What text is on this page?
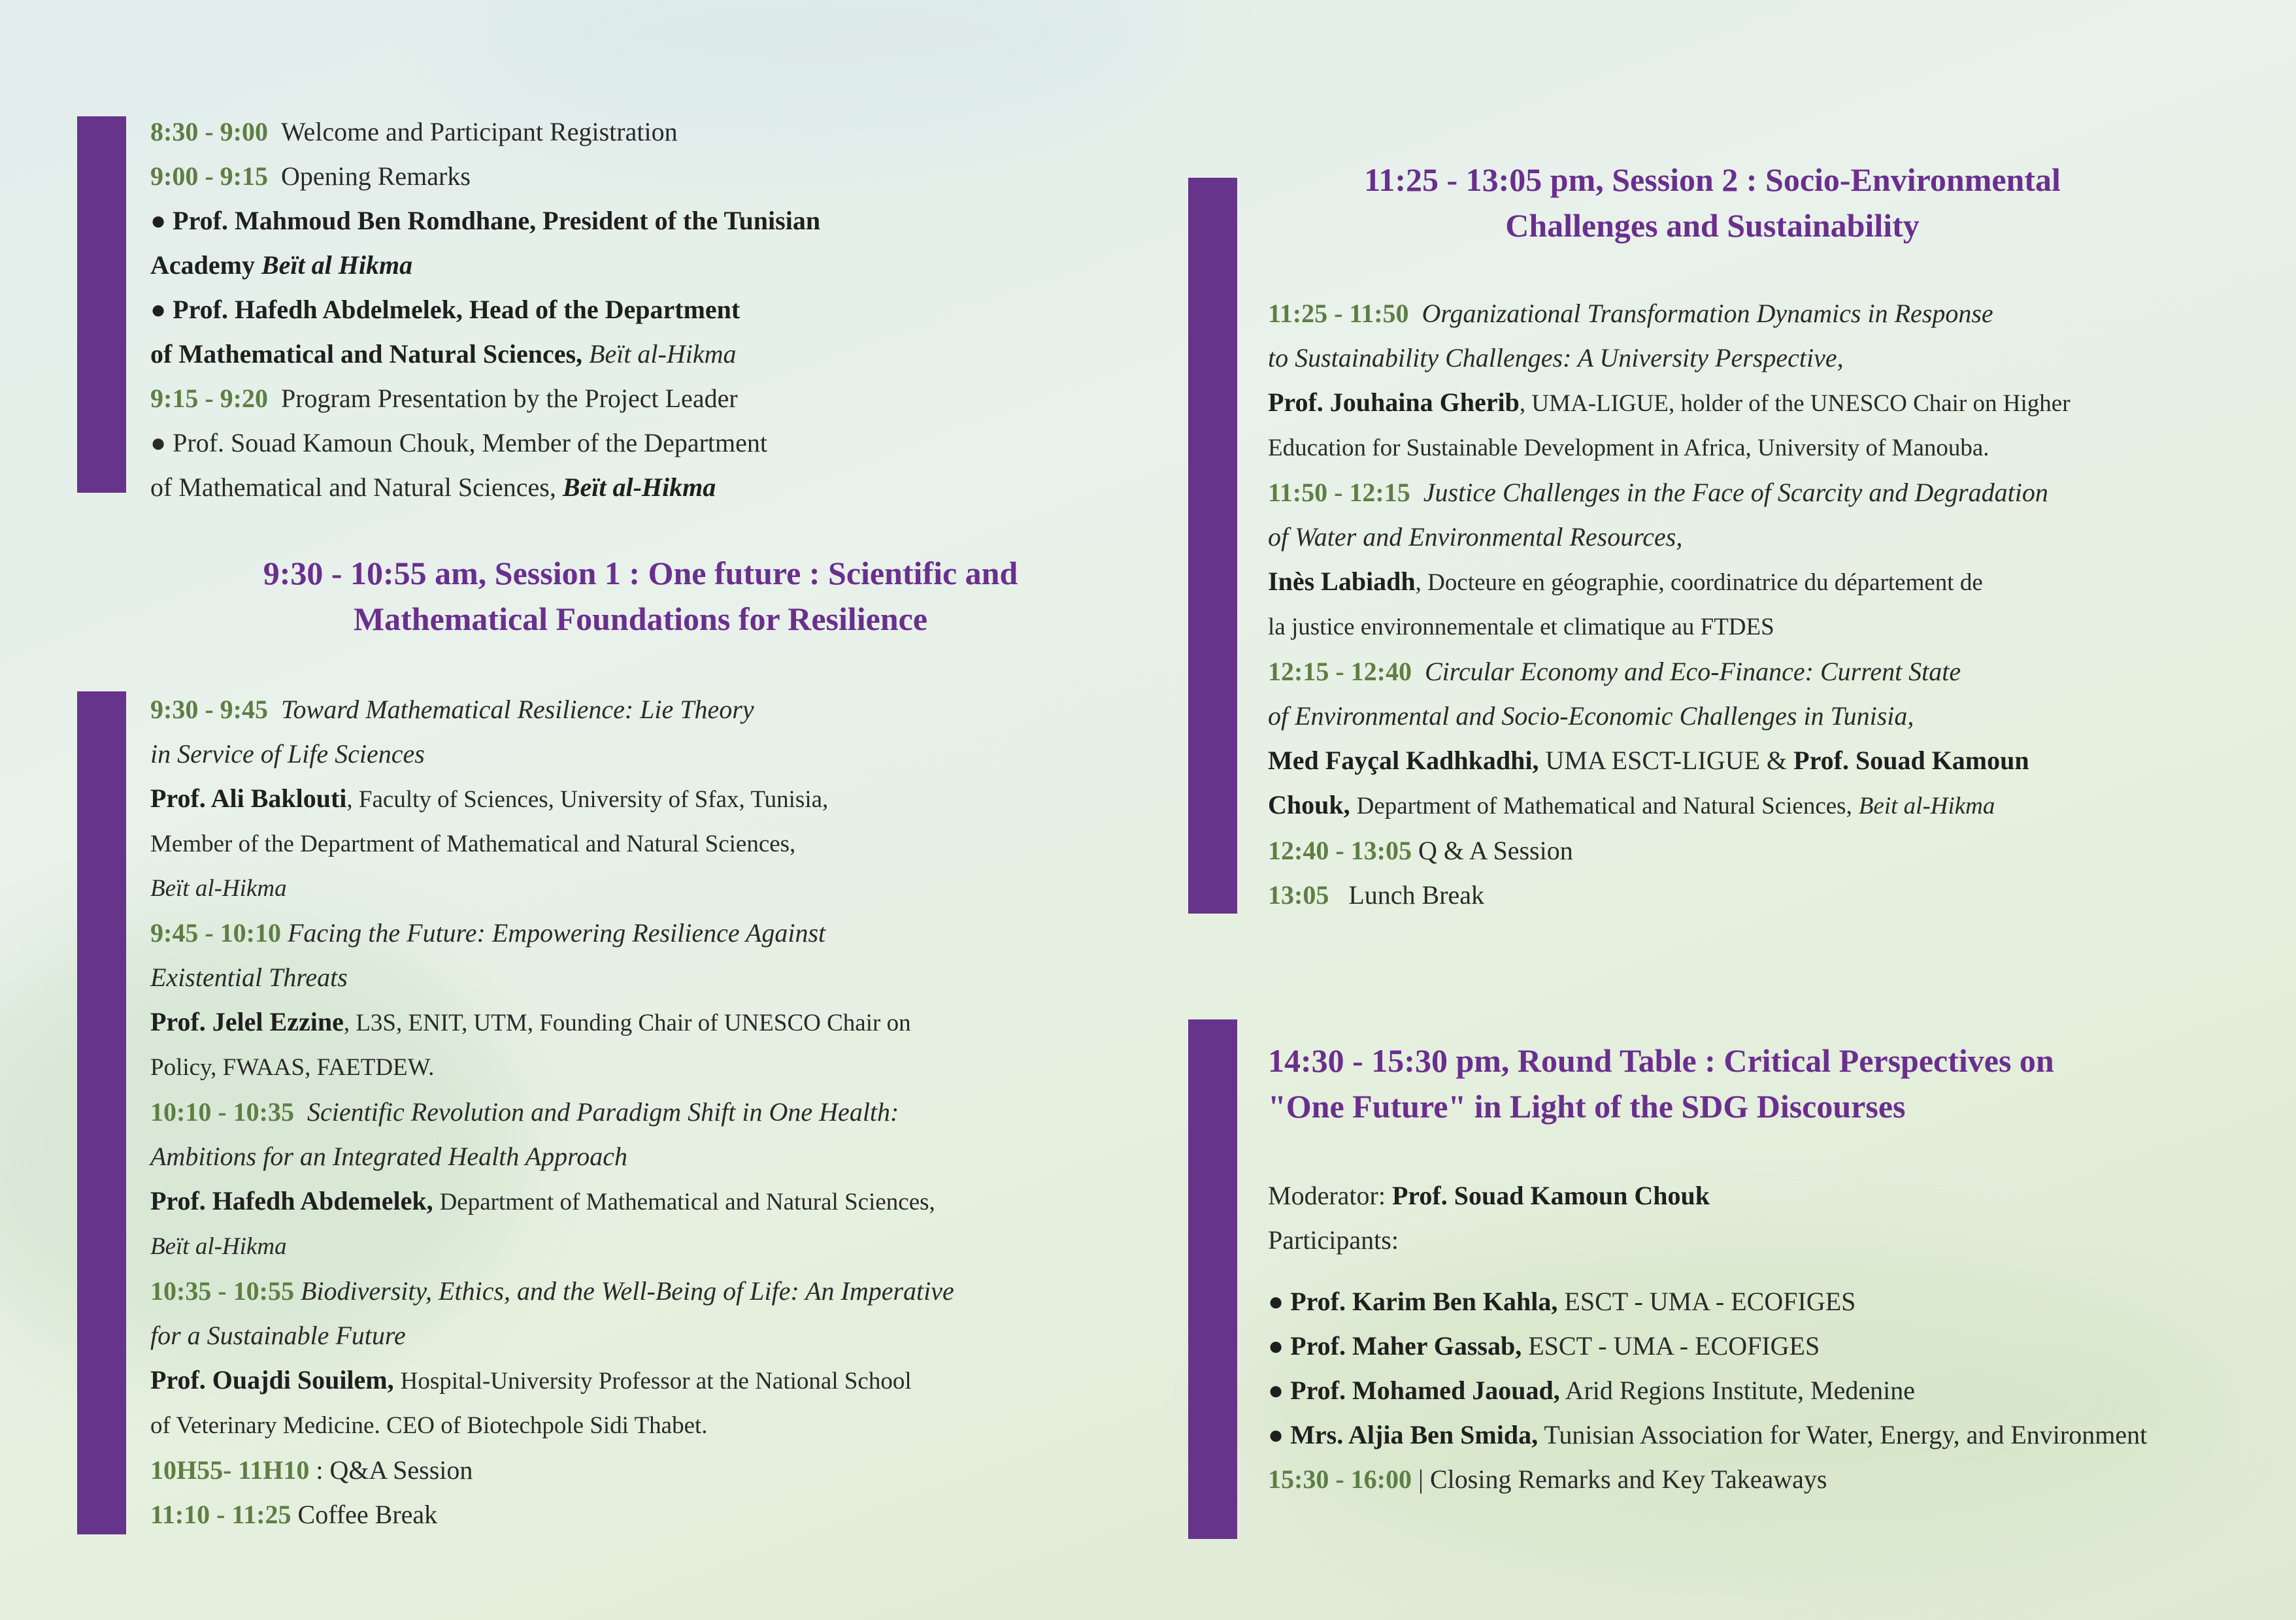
8:30 - 9:00 Welcome and Participant Registration

9:00 - 9:15 Opening Remarks

● Prof. Mahmoud Ben Romdhane, President of the Tunisian

Academy Beït al Hikma

● Prof. Hafedh Abdelmelek, Head of the Department

of Mathematical and Natural Sciences, Beït al-Hikma

9:15 - 9:20 Program Presentation by the Project Leader

● Prof. Souad Kamoun Chouk, Member of the Department

of Mathematical and Natural Sciences, Beït al-Hikma

9:30 - 10:55 am, Session 1 : One future : Scientific and

Mathematical Foundations for Resilience

9:30 - 9:45 Toward Mathematical Resilience: Lie Theory

in Service of Life Sciences

Prof. Ali Baklouti, Faculty of Sciences, University of Sfax, Tunisia,

Member of the Department of Mathematical and Natural Sciences,

Beït al-Hikma

9:45 - 10:10 Facing the Future: Empowering Resilience Against

Existential Threats

Prof. Jelel Ezzine, L3S, ENIT, UTM, Founding Chair of UNESCO Chair on

Policy, FWAAS, FAETDEW.

10:10 - 10:35 Scientific Revolution and Paradigm Shift in One Health:

Ambitions for an Integrated Health Approach

Prof. Hafedh Abdemelek, Department of Mathematical and Natural Sciences,

Beït al-Hikma

10:35 - 10:55 Biodiversity, Ethics, and the Well-Being of Life: An Imperative

for a Sustainable Future

Prof. Ouajdi Souilem, Hospital-University Professor at the National School

of Veterinary Medicine. CEO of Biotechpole Sidi Thabet.

10H55- 11H10 : Q&A Session

11:10 - 11:25 Coffee Break

11:25 - 13:05 pm, Session 2 : Socio-Environmental

Challenges and Sustainability

11:25 - 11:50 Organizational Transformation Dynamics in Response

to Sustainability Challenges: A University Perspective,

Prof. Jouhaina Gherib, UMA-LIGUE, holder of the UNESCO Chair on Higher

Education for Sustainable Development in Africa, University of Manouba.

11:50 - 12:15 Justice Challenges in the Face of Scarcity and Degradation

of Water and Environmental Resources,

Inès Labiadh, Docteure en géographie, coordinatrice du département de

la justice environnementale et climatique au FTDES

12:15 - 12:40 Circular Economy and Eco-Finance: Current State

of Environmental and Socio-Economic Challenges in Tunisia,

Med Fayçal Kadhkadhi, UMA ESCT-LIGUE & Prof. Souad Kamoun

Chouk, Department of Mathematical and Natural Sciences, Beit al-Hikma

12:40 - 13:05 Q & A Session

13:05 Lunch Break

14:30 - 15:30 pm, Round Table : Critical Perspectives on

"One Future" in Light of the SDG Discourses

Moderator: Prof. Souad Kamoun Chouk

Participants:

● Prof. Karim Ben Kahla, ESCT - UMA - ECOFIGES

● Prof. Maher Gassab, ESCT - UMA - ECOFIGES

● Prof. Mohamed Jaouad, Arid Regions Institute, Medenine

● Mrs. Aljia Ben Smida, Tunisian Association for Water, Energy, and Environment

15:30 - 16:00 | Closing Remarks and Key Takeaways
